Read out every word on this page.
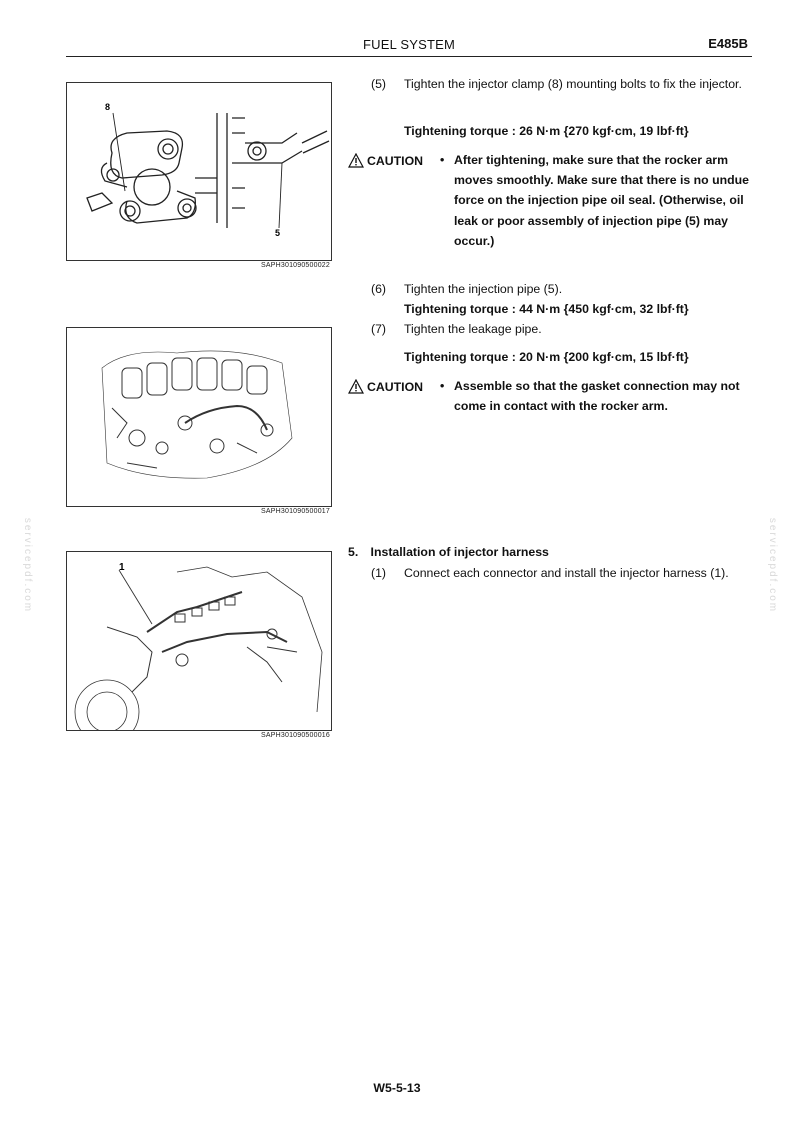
FUEL SYSTEM	E485B
8
5
SAPH301090500022
SAPH301090500017
1
SAPH301090500016
(5) Tighten the injector clamp (8) mounting bolts to fix the injector.
Tightening torque : 26 N·m {270 kgf·cm, 19 lbf·ft}
CAUTION • After tightening, make sure that the rocker arm moves smoothly. Make sure that there is no undue force on the injection pipe oil seal. (Otherwise, oil leak or poor assembly of injection pipe (5) may occur.)
(6) Tighten the injection pipe (5).
Tightening torque : 44 N·m {450 kgf·cm, 32 lbf·ft}
(7) Tighten the leakage pipe.
Tightening torque : 20 N·m {200 kgf·cm, 15 lbf·ft}
CAUTION • Assemble so that the gasket connection may not come in contact with the rocker arm.
5. Installation of injector harness
(1) Connect each connector and install the injector harness (1).
servicepdf.com	servicepdf.com
W5-5-13
